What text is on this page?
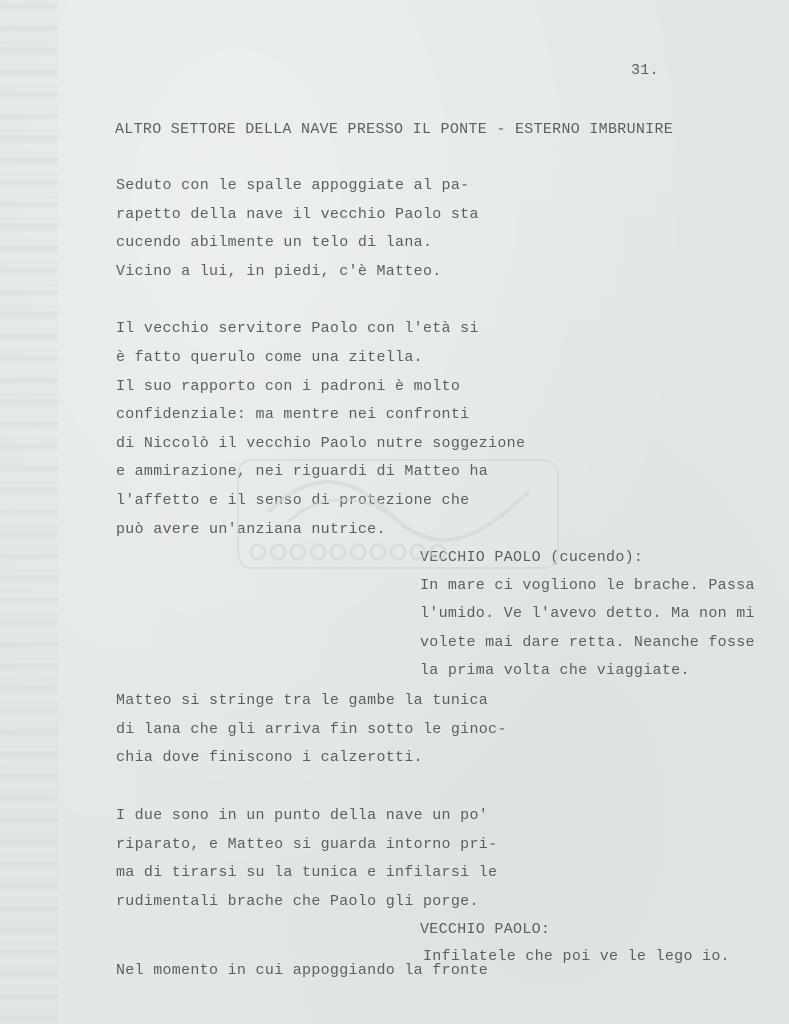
31.
ALTRO SETTORE DELLA NAVE PRESSO IL PONTE - ESTERNO IMBRUNIRE
Seduto con le spalle appoggiate al pa-
rapetto della nave il vecchio Paolo sta
cucendo abilmente un telo di lana.
Vicino a lui, in piedi, c'è Matteo.
Il vecchio servitore Paolo con l'età si
è fatto querulo come una zitella.
Il suo rapporto con i padroni è molto
confidenziale: ma mentre nei confronti
di Niccolò il vecchio Paolo nutre soggezione
e ammirazione, nei riguardi di Matteo ha
l'affetto e il senso di protezione che
può avere un'anziana nutrice.
VECCHIO PAOLO (cucendo):
In mare ci vogliono le brache. Passa
l'umido. Ve l'avevo detto. Ma non mi
volete mai dare retta. Neanche fosse
la prima volta che viaggiate.
Matteo si stringe tra le gambe la tunica
di lana che gli arriva fin sotto le ginoc-
chia dove finiscono i calzerotti.
I due sono in un punto della nave un po'
riparato, e Matteo si guarda intorno pri-
ma di tirarsi su la tunica e infilarsi le
rudimentali brache che Paolo gli porge.
VECCHIO PAOLO:
Infilatele che poi ve le lego io.
Nel momento in cui appoggiando la fronte
